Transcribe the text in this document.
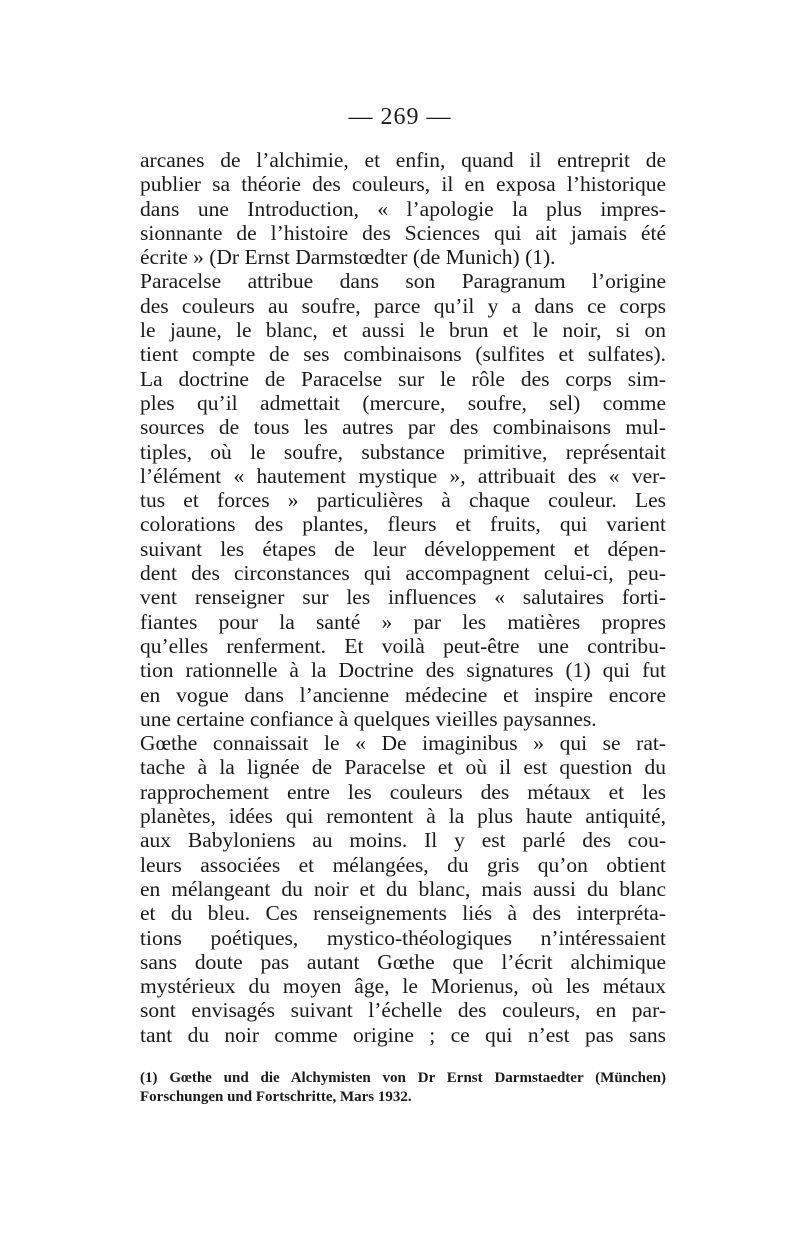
— 269 —
arcanes de l’alchimie, et enfin, quand il entreprit de
publier sa théorie des couleurs, il en exposa l’historique
dans une Introduction, « l’apologie la plus impres-
sionnante de l’histoire des Sciences qui ait jamais été
écrite » (Dr Ernst Darmstœdter (de Munich) (1).
Paracelse attribue dans son Paragranum l’origine
des couleurs au soufre, parce qu’il y a dans ce corps
le jaune, le blanc, et aussi le brun et le noir, si on
tient compte de ses combinaisons (sulfites et sulfates).
La doctrine de Paracelse sur le rôle des corps sim-
ples qu’il admettait (mercure, soufre, sel) comme
sources de tous les autres par des combinaisons mul-
tiples, où le soufre, substance primitive, représentait
l’élément « hautement mystique », attribuait des « ver-
tus et forces » particulières à chaque couleur. Les
colorations des plantes, fleurs et fruits, qui varient
suivant les étapes de leur développement et dépen-
dent des circonstances qui accompagnent celui-ci, peu-
vent renseigner sur les influences « salutaires forti-
fiantes pour la santé » par les matières propres
qu’elles renferment. Et voilà peut-être une contribu-
tion rationnelle à la Doctrine des signatures (1) qui fut
en vogue dans l’ancienne médecine et inspire encore
une certaine confiance à quelques vieilles paysannes.
Gœthe connaissait le « De imaginibus » qui se rat-
tache à la lignée de Paracelse et où il est question du
rapprochement entre les couleurs des métaux et les
planètes, idées qui remontent à la plus haute antiquité,
aux Babyloniens au moins. Il y est parlé des cou-
leurs associées et mélangées, du gris qu’on obtient
en mélangeant du noir et du blanc, mais aussi du blanc
et du bleu. Ces renseignements liés à des interpréta-
tions poétiques, mystico-théologiques n’intéressaient
sans doute pas autant Gœthe que l’écrit alchimique
mystérieux du moyen âge, le Morienus, où les métaux
sont envisagés suivant l’échelle des couleurs, en par-
tant du noir comme origine ; ce qui n’est pas sans
(1) Gœthe und die Alchymisten von Dr Ernst Darmstaedter (München)
Forschungen und Fortschritte, Mars 1932.
